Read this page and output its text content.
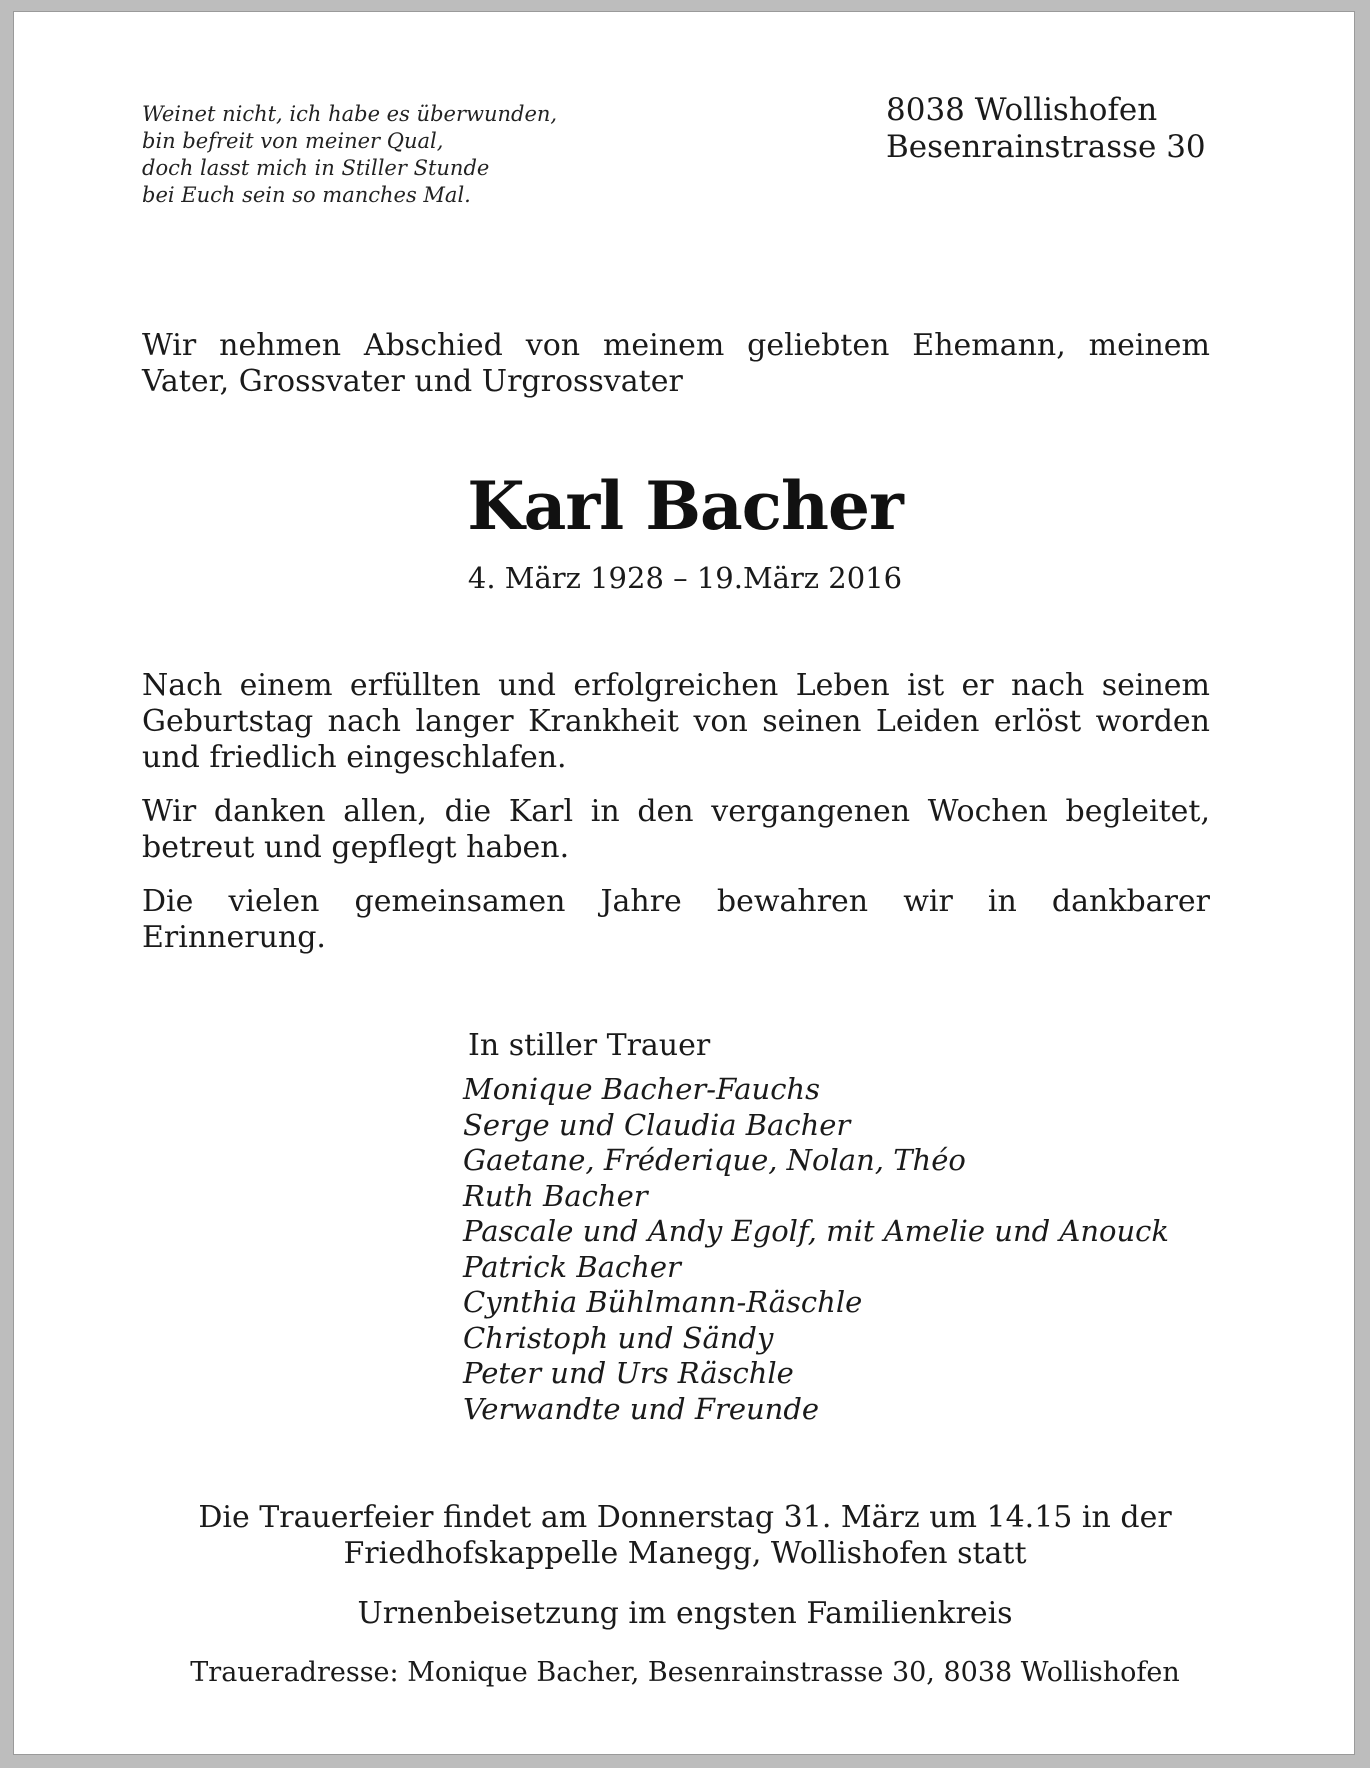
Weinet nicht, ich habe es überwunden,
bin befreit von meiner Qual,
doch lasst mich in Stiller Stunde
bei Euch sein so manches Mal.
8038 Wollishofen
Besenrainstrasse 30
Wir nehmen Abschied von meinem geliebten Ehemann, meinem Vater, Grossvater und Urgrossvater
Karl Bacher
4. März 1928 – 19.März 2016

Nach einem erfüllten und erfolgreichen Leben ist er nach seinem Geburtstag nach langer Krankheit von seinen Leiden erlöst worden und friedlich eingeschlafen.

Wir danken allen, die Karl in den vergangenen Wochen begleitet, betreut und gepflegt haben.

Die vielen gemeinsamen Jahre bewahren wir in dankbarer Erinnerung.

In stiller Trauer
Monique Bacher-Fauchs
Serge und Claudia Bacher
Gaetane, Fréderique, Nolan, Théo
Ruth Bacher
Pascale und Andy Egolf, mit Amelie und Anouck
Patrick Bacher
Cynthia Bühlmann-Räschle
Christoph und Sändy
Peter und Urs Räschle
Verwandte und Freunde
Die Trauerfeier findet am Donnerstag 31. März um 14.15 in der
Friedhofskappelle Manegg, Wollishofen statt
Urnenbeisetzung im engsten Familienkreis
Traueradresse: Monique Bacher, Besenrainstrasse 30, 8038 Wollishofen
